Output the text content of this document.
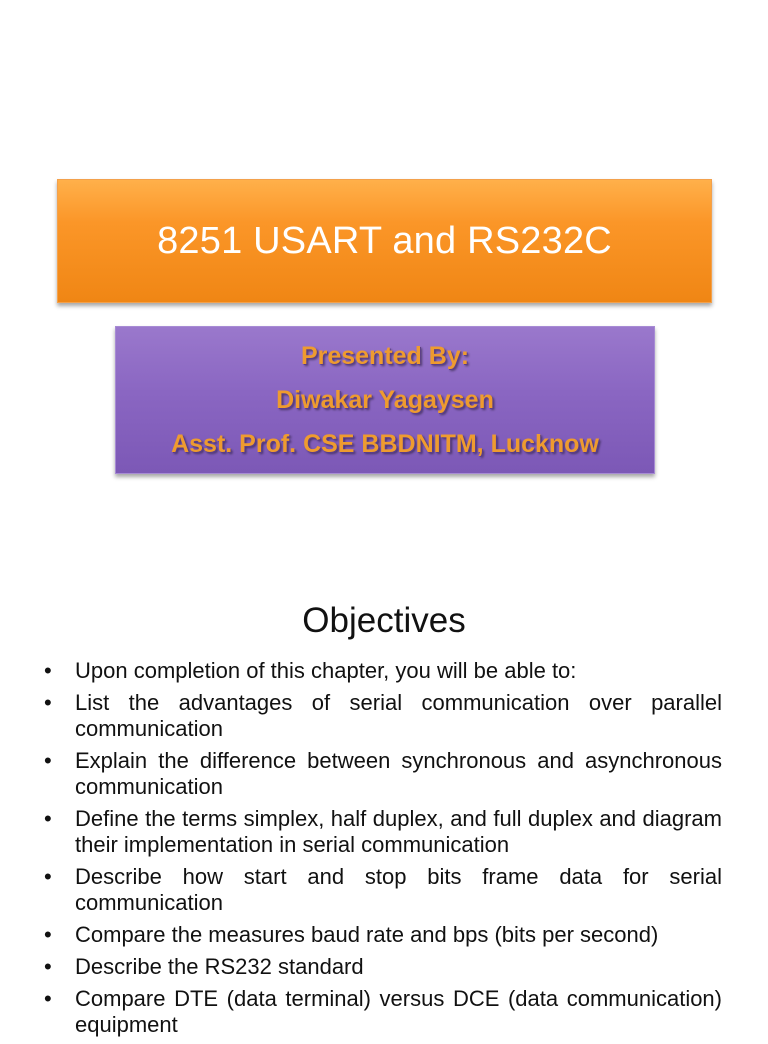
8251 USART and RS232C
Presented By:
Diwakar Yagaysen
Asst. Prof. CSE BBDNITM, Lucknow
Objectives
•	Upon completion of this chapter, you will be able to:
•	List the advantages of serial communication over parallel communication
•	Explain the difference between synchronous and asynchronous communication
•	Define the terms simplex, half duplex, and full duplex and diagram their implementation in serial communication
•	Describe how start and stop bits frame data for serial communication
•	Compare the measures baud rate and bps (bits per second)
•	Describe the RS232 standard
•	Compare DTE (data terminal) versus DCE (data communication) equipment
